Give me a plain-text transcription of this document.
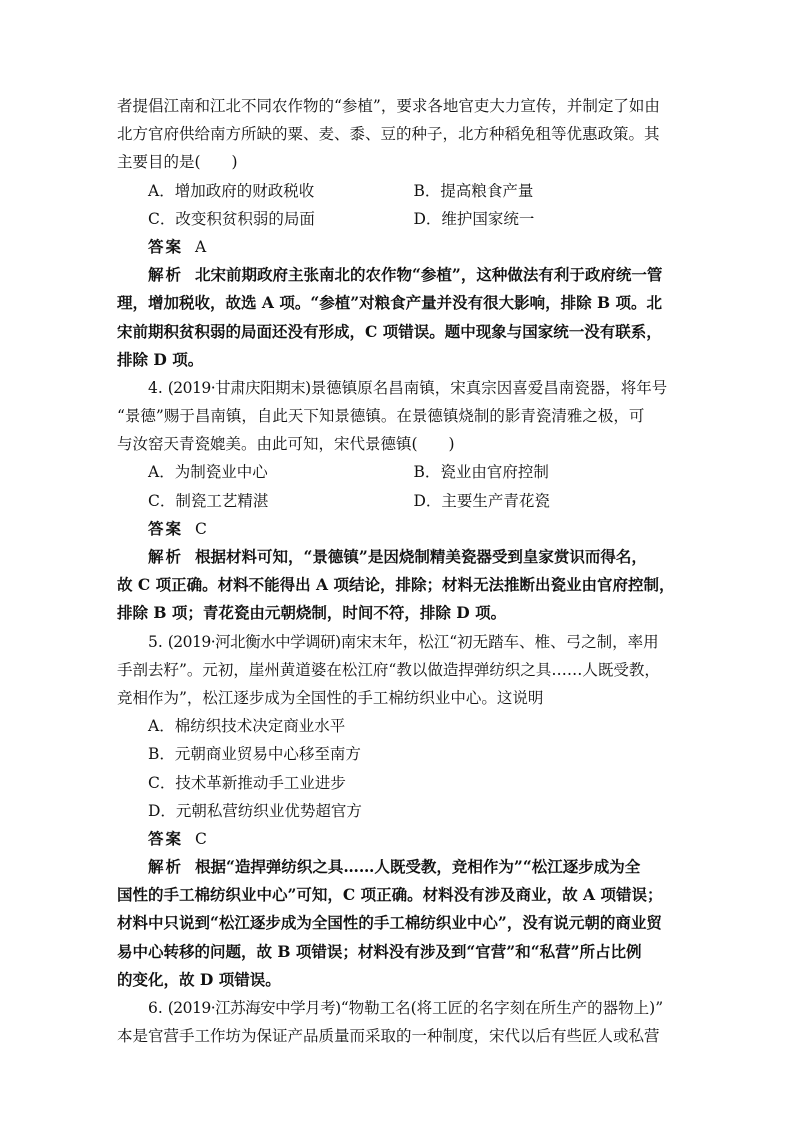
者提倡江南和江北不同农作物的“参植”，要求各地官吏大力宣传，并制定了如由
北方官府供给南方所缺的粟、麦、黍、豆的种子，北方种稻免租等优惠政策。其
主要目的是(　　)
A．增加政府的财政税收	B．提高粮食产量
C．改变积贫积弱的局面	D．维护国家统一
答案 A
解析 北宋前期政府主张南北的农作物“参植”，这种做法有利于政府统一管
理，增加税收，故选 A 项。“参植”对粮食产量并没有很大影响，排除 B 项。北
宋前期积贫积弱的局面还没有形成，C 项错误。题中现象与国家统一没有联系，
排除 D 项。
4. (2019·甘肃庆阳期末)景德镇原名昌南镇，宋真宗因喜爱昌南瓷器，将年号
“景德”赐于昌南镇，自此天下知景德镇。在景德镇烧制的影青瓷清雅之极，可
与汝窑天青瓷媲美。由此可知，宋代景德镇(　　)
A．为制瓷业中心	B．瓷业由官府控制
C．制瓷工艺精湛	D．主要生产青花瓷
答案 C
解析 根据材料可知，“景德镇”是因烧制精美瓷器受到皇家赏识而得名，
故 C 项正确。材料不能得出 A 项结论，排除；材料无法推断出瓷业由官府控制，
排除 B 项；青花瓷由元朝烧制，时间不符，排除 D 项。
5. (2019·河北衡水中学调研)南宋末年，松江“初无踏车、椎、弓之制，率用
手剖去籽”。元初，崖州黄道婆在松江府“教以做造捍弹纺织之具……人既受教，
竞相作为”，松江逐步成为全国性的手工棉纺织业中心。这说明
A．棉纺织技术决定商业水平
B．元朝商业贸易中心移至南方
C．技术革新推动手工业进步
D．元朝私营纺织业优势超官方
答案 C
解析 根据“造捍弹纺织之具……人既受教，竞相作为”“松江逐步成为全
国性的手工棉纺织业中心”可知，C 项正确。材料没有涉及商业，故 A 项错误；
材料中只说到“松江逐步成为全国性的手工棉纺织业中心”，没有说元朝的商业贸
易中心转移的问题，故 B 项错误；材料没有涉及到“官营”和“私营”所占比例
的变化，故 D 项错误。
6. (2019·江苏海安中学月考)“物勒工名(将工匠的名字刻在所生产的器物上)”
本是官营手工作坊为保证产品质量而采取的一种制度，宋代以后有些匠人或私营
